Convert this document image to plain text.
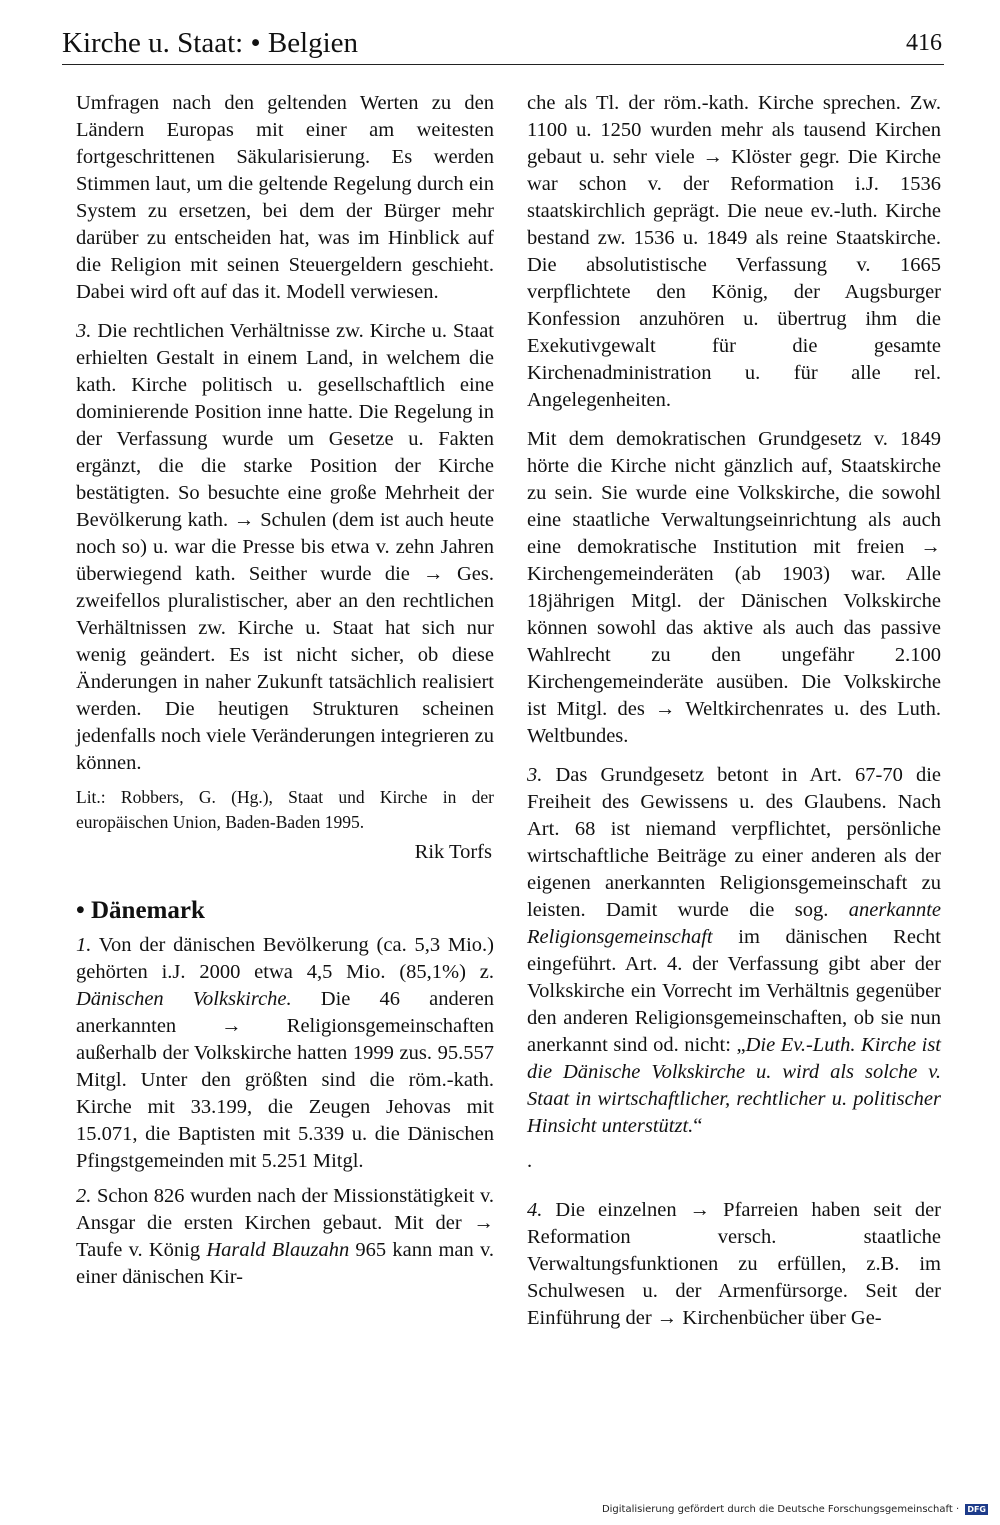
Kirche u. Staat: • Belgien	416

Umfragen nach den geltenden Werten zu den Ländern Europas mit einer am weitesten fortgeschrittenen Säkularisierung. Es werden Stimmen laut, um die geltende Regelung durch ein System zu ersetzen, bei dem der Bürger mehr darüber zu entscheiden hat, was im Hinblick auf die Religion mit seinen Steuergeldern geschieht. Dabei wird oft auf das it. Modell verwiesen.

3. Die rechtlichen Verhältnisse zw. Kirche u. Staat erhielten Gestalt in einem Land, in welchem die kath. Kirche politisch u. gesellschaftlich eine dominierende Position inne hatte. Die Regelung in der Verfassung wurde um Gesetze u. Fakten ergänzt, die die starke Position der Kirche bestätigten. So besuchte eine große Mehrheit der Bevölkerung kath. → Schulen (dem ist auch heute noch so) u. war die Presse bis etwa v. zehn Jahren überwiegend kath. Seither wurde die → Ges. zweifellos pluralistischer, aber an den rechtlichen Verhältnissen zw. Kirche u. Staat hat sich nur wenig geändert. Es ist nicht sicher, ob diese Änderungen in naher Zukunft tatsächlich realisiert werden. Die heutigen Strukturen scheinen jedenfalls noch viele Veränderungen integrieren zu können.

Lit.: Robbers, G. (Hg.), Staat und Kirche in der europäischen Union, Baden-Baden 1995.

Rik Torfs
• Dänemark

1. Von der dänischen Bevölkerung (ca. 5,3 Mio.) gehörten i.J. 2000 etwa 4,5 Mio. (85,1%) z. Dänischen Volkskirche. Die 46 anderen anerkannten → Religionsgemeinschaften außerhalb der Volkskirche hatten 1999 zus. 95.557 Mitgl. Unter den größten sind die röm.-kath. Kirche mit 33.199, die Zeugen Jehovas mit 15.071, die Baptisten mit 5.339 u. die Dänischen Pfingstgemeinden mit 5.251 Mitgl.

2. Schon 826 wurden nach der Missionstätigkeit v. Ansgar die ersten Kirchen gebaut. Mit der → Taufe v. König Harald Blauzahn 965 kann man v. einer dänischen Kir-

che als Tl. der röm.-kath. Kirche sprechen. Zw. 1100 u. 1250 wurden mehr als tausend Kirchen gebaut u. sehr viele → Klöster gegr. Die Kirche war schon v. der Reformation i.J. 1536 staatskirchlich geprägt. Die neue ev.-luth. Kirche bestand zw. 1536 u. 1849 als reine Staatskirche. Die absolutistische Verfassung v. 1665 verpflichtete den König, der Augsburger Konfession anzuhören u. übertrug ihm die Exekutivgewalt für die gesamte Kirchenadministration u. für alle rel. Angelegenheiten.

Mit dem demokratischen Grundgesetz v. 1849 hörte die Kirche nicht gänzlich auf, Staatskirche zu sein. Sie wurde eine Volkskirche, die sowohl eine staatliche Verwaltungseinrichtung als auch eine demokratische Institution mit freien → Kirchengemeinderäten (ab 1903) war. Alle 18jährigen Mitgl. der Dänischen Volkskirche können sowohl das aktive als auch das passive Wahlrecht zu den ungefähr 2.100 Kirchengemeinderäte ausüben. Die Volkskirche ist Mitgl. des → Weltkirchenrates u. des Luth. Weltbundes.

3. Das Grundgesetz betont in Art. 67-70 die Freiheit des Gewissens u. des Glaubens. Nach Art. 68 ist niemand verpflichtet, persönliche wirtschaftliche Beiträge zu einer anderen als der eigenen anerkannten Religionsgemeinschaft zu leisten. Damit wurde die sog. anerkannte Religionsgemeinschaft im dänischen Recht eingeführt. Art. 4. der Verfassung gibt aber der Volkskirche ein Vorrecht im Verhältnis gegenüber den anderen Religionsgemeinschaften, ob sie nun anerkannt sind od. nicht: „Die Ev.-Luth. Kirche ist die Dänische Volkskirche u. wird als solche v. Staat in wirtschaftlicher, rechtlicher u. politischer Hinsicht unterstützt.“

.

4. Die einzelnen → Pfarreien haben seit der Reformation versch. staatliche Verwaltungsfunktionen zu erfüllen, z.B. im Schulwesen u. der Armenfürsorge. Seit der Einführung der → Kirchenbücher über Ge-

Digitalisierung gefördert durch die Deutsche Forschungsgemeinschaft · DFG
